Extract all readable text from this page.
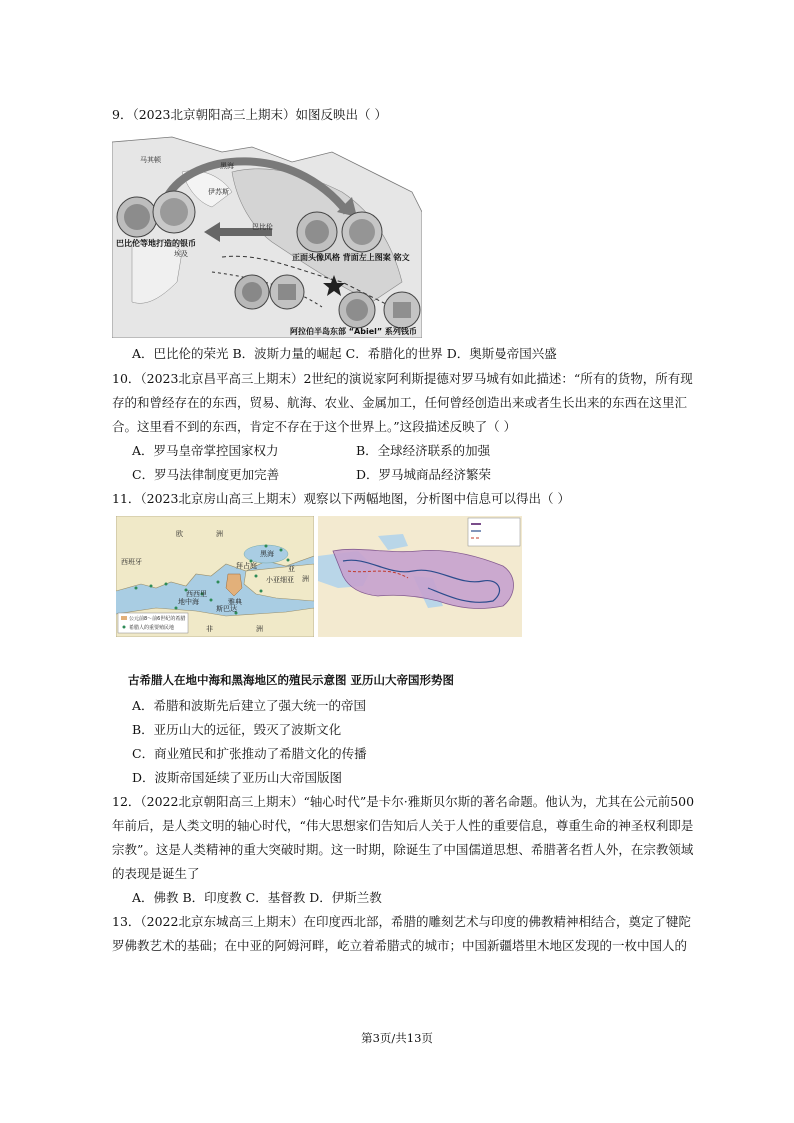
9．（2023北京朝阳高三上期末）如图反映出（ ）
马其顿
黑海
伊苏斯
巴比伦
埃及
巴比伦等地打造的银币
正面头像风格 背面左上图案 铭文
阿拉伯半岛东部 “Abiel” 系列钱币
A．巴比伦的荣光 B．波斯力量的崛起 C．希腊化的世界 D．奥斯曼帝国兴盛
10．（2023北京昌平高三上期末）2世纪的演说家阿利斯提德对罗马城有如此描述：“所有的货物，所有现
存的和曾经存在的东西，贸易、航海、农业、金属加工，任何曾经创造出来或者生长出来的东西在这里汇
合。这里看不到的东西，肯定不存在于这个世界上。”这段描述反映了（ ）
A．罗马皇帝掌控国家权力	B．全球经济联系的加强
C．罗马法律制度更加完善	D．罗马城商品经济繁荣
11．（2023北京房山高三上期末）观察以下两幅地图，分析图中信息可以得出（ ）
欧	洲
黑海
亚
洲
小亚细亚
西班牙
地中海
非	洲
雅典
斯巴达
拜占庭
西西里
公元前8～前6世纪的希腊
希腊人的重要殖民地
古希腊人在地中海和黑海地区的殖民示意图 亚历山大帝国形势图
A．希腊和波斯先后建立了强大统一的帝国
B．亚历山大的远征，毁灭了波斯文化
C．商业殖民和扩张推动了希腊文化的传播
D．波斯帝国延续了亚历山大帝国版图
12．（2022北京朝阳高三上期末）“轴心时代”是卡尔·雅斯贝尔斯的著名命题。他认为，尤其在公元前500
年前后，是人类文明的轴心时代，“伟大思想家们告知后人关于人性的重要信息，尊重生命的神圣权利即是
宗教”。这是人类精神的重大突破时期。这一时期，除诞生了中国儒道思想、希腊著名哲人外，在宗教领域
的表现是诞生了
A．佛教 B．印度教 C．基督教 D．伊斯兰教
13．（2022北京东城高三上期末）在印度西北部，希腊的雕刻艺术与印度的佛教精神相结合，奠定了犍陀
罗佛教艺术的基础；在中亚的阿姆河畔，屹立着希腊式的城市；中国新疆塔里木地区发现的一枚中国人的
第3页/共13页
